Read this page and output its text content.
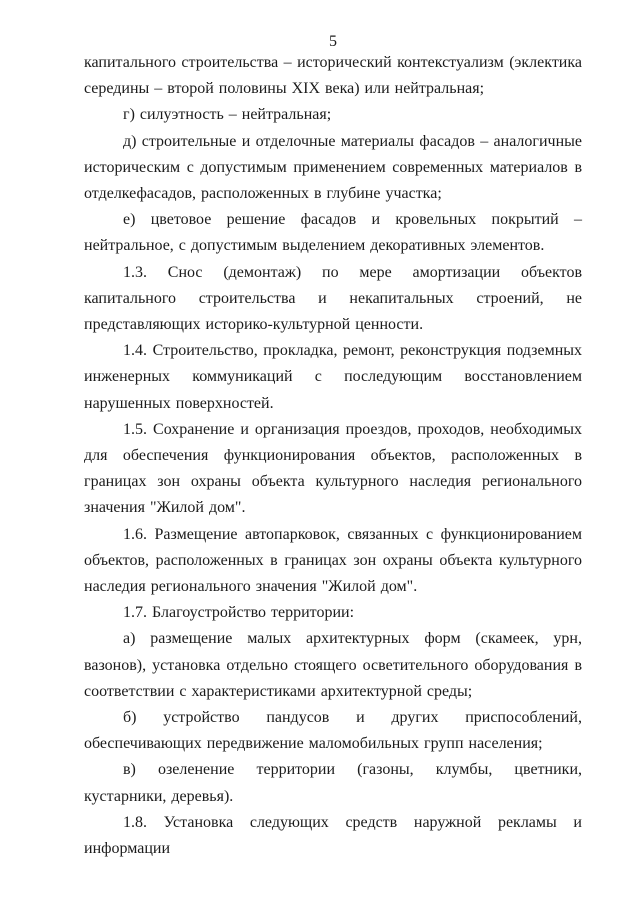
5

капитального строительства – исторический контекстуализм (эклектика середины – второй половины XIX века) или нейтральная;

г) силуэтность – нейтральная;

д) строительные и отделочные материалы фасадов – аналогичные историческим с допустимым применением современных материалов в отделкефасадов, расположенных в глубине участка;

е) цветовое решение фасадов и кровельных покрытий – нейтральное, с допустимым выделением декоративных элементов.

1.3. Снос (демонтаж) по мере амортизации объектов капитального строительства и некапитальных строений, не представляющих историко-культурной ценности.

1.4. Строительство, прокладка, ремонт, реконструкция подземных инженерных коммуникаций с последующим восстановлением нарушенных поверхностей.

1.5. Сохранение и организация проездов, проходов, необходимых для обеспечения функционирования объектов, расположенных в границах зон охраны объекта культурного наследия регионального значения "Жилой дом".

1.6. Размещение автопарковок, связанных с функционированием объектов, расположенных в границах зон охраны объекта культурного наследия регионального значения "Жилой дом".

1.7. Благоустройство территории:

а) размещение малых архитектурных форм (скамеек, урн, вазонов), установка отдельно стоящего осветительного оборудования в соответствии с характеристиками архитектурной среды;

б) устройство пандусов и других приспособлений, обеспечивающих передвижение маломобильных групп населения;

в) озеленение территории (газоны, клумбы, цветники, кустарники, деревья).

1.8. Установка следующих средств наружной рекламы и информации
